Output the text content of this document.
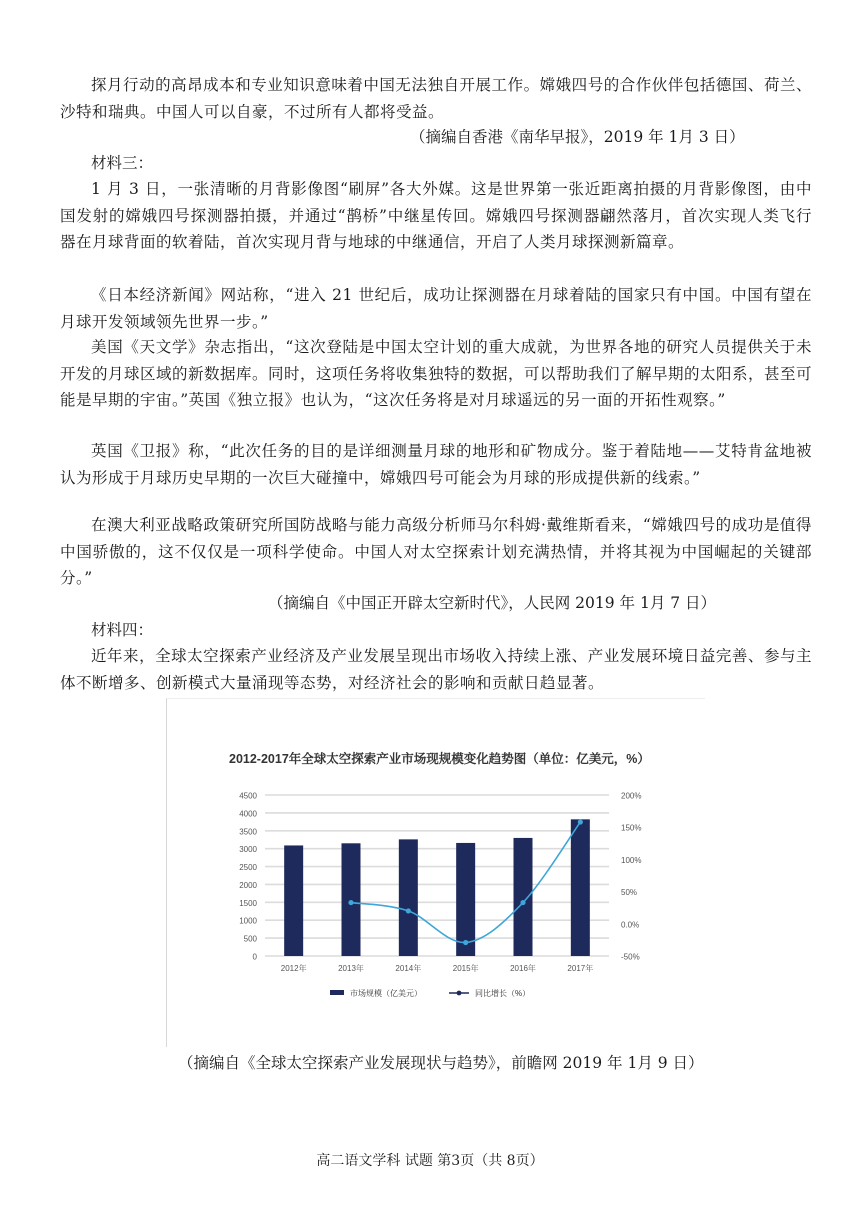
探月行动的高昂成本和专业知识意味着中国无法独自开展工作。嫦娥四号的合作伙伴包括德国、荷兰、沙特和瑞典。中国人可以自豪，不过所有人都将受益。

（摘编自香港《南华早报》，2019 年 1月 3 日）

材料三：

1 月 3 日，一张清晰的月背影像图“刷屏”各大外媒。这是世界第一张近距离拍摄的月背影像图，由中国发射的嫦娥四号探测器拍摄，并通过“鹊桥”中继星传回。嫦娥四号探测器翩然落月，首次实现人类飞行器在月球背面的软着陆，首次实现月背与地球的中继通信，开启了人类月球探测新篇章。

《日本经济新闻》网站称，“进入 21 世纪后，成功让探测器在月球着陆的国家只有中国。中国有望在月球开发领域领先世界一步。”

美国《天文学》杂志指出，“这次登陆是中国太空计划的重大成就，为世界各地的研究人员提供关于未开发的月球区域的新数据库。同时，这项任务将收集独特的数据，可以帮助我们了解早期的太阳系，甚至可能是早期的宇宙。”英国《独立报》也认为，“这次任务将是对月球遥远的另一面的开拓性观察。”

英国《卫报》称，“此次任务的目的是详细测量月球的地形和矿物成分。鉴于着陆地——艾特肯盆地被认为形成于月球历史早期的一次巨大碰撞中，嫦娥四号可能会为月球的形成提供新的线索。”

在澳大利亚战略政策研究所国防战略与能力高级分析师马尔科姆·戴维斯看来，“嫦娥四号的成功是值得中国骄傲的，这不仅仅是一项科学使命。中国人对太空探索计划充满热情，并将其视为中国崛起的关键部分。”

（摘编自《中国正开辟太空新时代》，人民网 2019 年 1月 7 日）

材料四：

近年来，全球太空探索产业经济及产业发展呈现出市场收入持续上涨、产业发展环境日益完善、参与主体不断增多、创新模式大量涌现等态势，对经济社会的影响和贡献日趋显著。

2012-2017年全球太空探索产业市场现规模变化趋势图（单位：亿美元，%）
4500
4000
3500
3000
2500
2000
1500
1000
500
0
200%
150%
100%
50%
0.0%
-50%
2012年	2013年	2014年	2015年	2016年	2017年
市场规模（亿美元）	同比增长（%）

（摘编自《全球太空探索产业发展现状与趋势》，前瞻网 2019 年 1月 9 日）

高二语文学科 试题 第3页（共 8页）
